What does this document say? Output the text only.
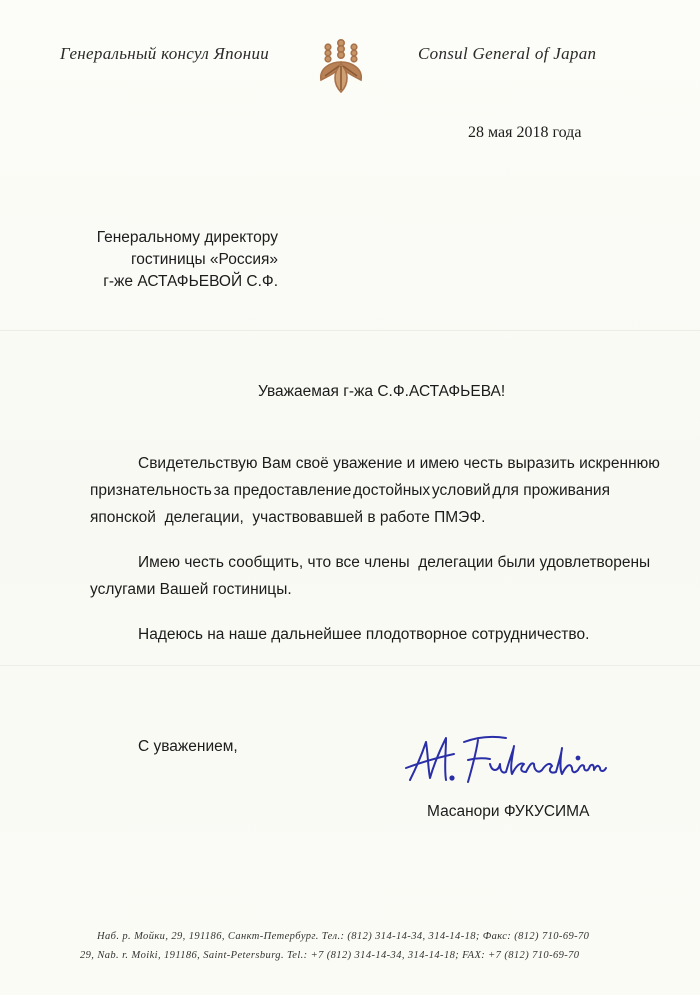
Генеральный консул Японии	Consul General of Japan
28 мая 2018 года
Генеральному директору
гостиницы «Россия»
г-же АСТАФЬЕВОЙ С.Ф.
Уважаемая г-жа С.Ф.АСТАФЬЕВА!
Свидетельствую Вам своё уважение и имею честь выразить искреннюю
признательность за предоставление достойных условий для проживания
японской  делегации,  участвовавшей в работе ПМЭФ.
Имею честь сообщить, что все члены  делегации были удовлетворены
услугами Вашей гостиницы.
Надеюсь на наше дальнейшее плодотворное сотрудничество.
С уважением,
Масанори ФУКУСИМА
Наб. р. Мойки, 29, 191186, Санкт-Петербург. Тел.: (812) 314-14-34, 314-14-18; Факс: (812) 710-69-70
29, Nab. r. Moiki, 191186, Saint-Petersburg. Tel.: +7 (812) 314-14-34, 314-14-18; FAX: +7 (812) 710-69-70
